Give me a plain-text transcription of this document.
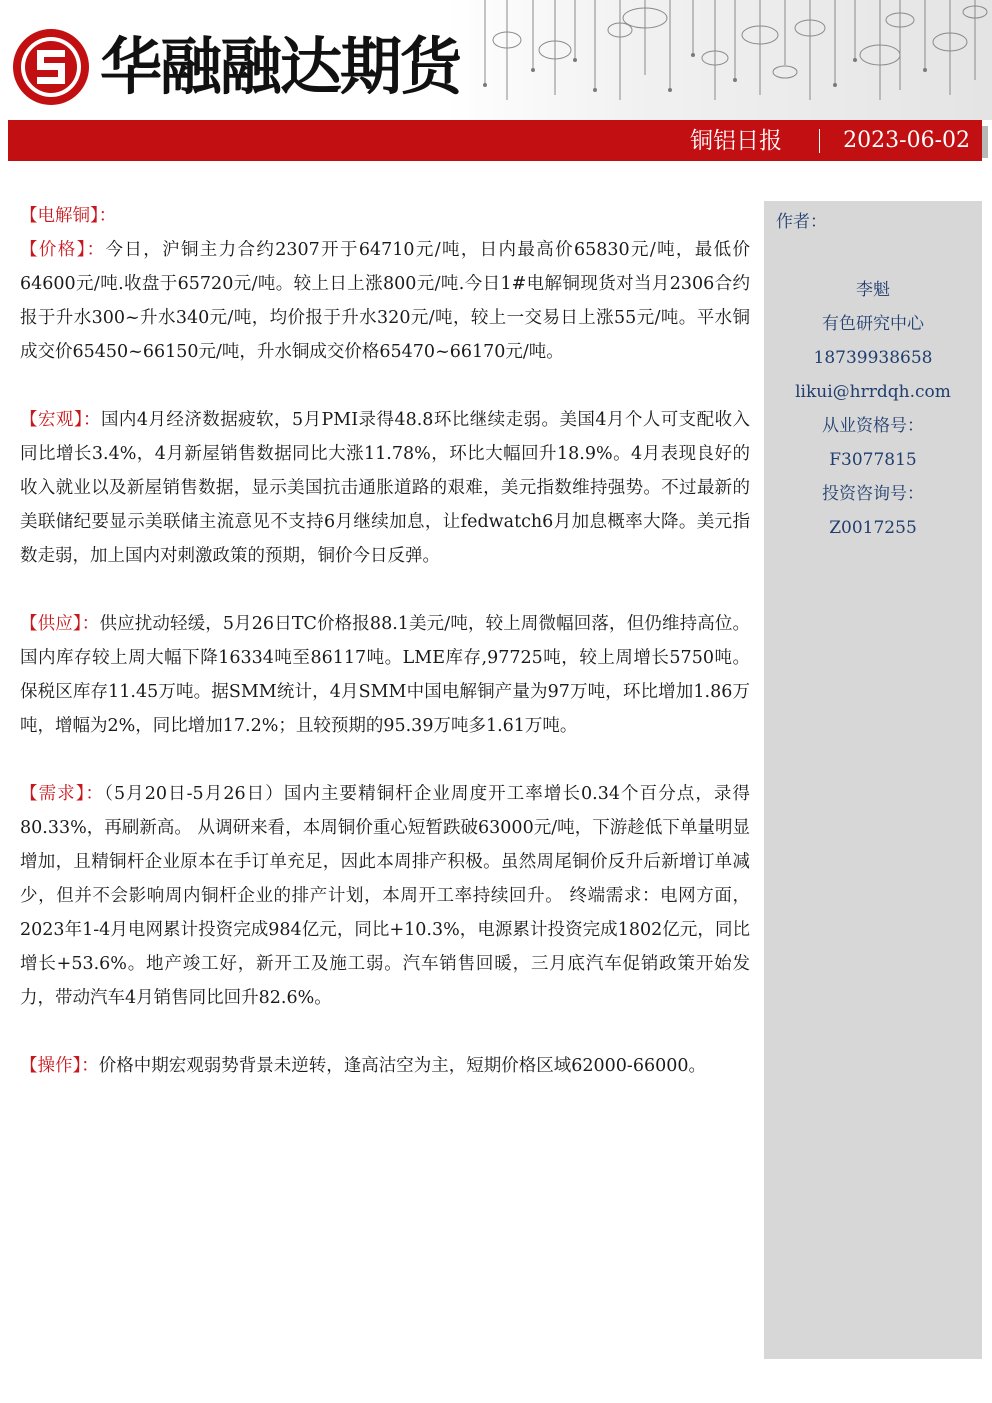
华融融达期货
铜铝日报	2023-06-02
作者：
李魁
有色研究中心
18739938658
likui@hrrdqh.com
从业资格号：
F3077815
投资咨询号：
Z0017255

【电解铜】：

【价格】：今日，沪铜主力合约2307开于64710元/吨，日内最高价65830元/吨，最低价64600元/吨.收盘于65720元/吨。较上日上涨800元/吨.今日1#电解铜现货对当月2306合约报于升水300~升水340元/吨，均价报于升水320元/吨，较上一交易日上涨55元/吨。平水铜成交价65450~66150元/吨，升水铜成交价格65470~66170元/吨。

【宏观】：国内4月经济数据疲软，5月PMI录得48.8环比继续走弱。美国4月个人可支配收入同比增长3.4%，4月新屋销售数据同比大涨11.78%，环比大幅回升18.9%。4月表现良好的收入就业以及新屋销售数据，显示美国抗击通胀道路的艰难，美元指数维持强势。不过最新的美联储纪要显示美联储主流意见不支持6月继续加息，让fedwatch6月加息概率大降。美元指数走弱，加上国内对刺激政策的预期，铜价今日反弹。

【供应】：供应扰动轻缓，5月26日TC价格报88.1美元/吨，较上周微幅回落，但仍维持高位。国内库存较上周大幅下降16334吨至86117吨。LME库存,97725吨，较上周增长5750吨。保税区库存11.45万吨。据SMM统计，4月SMM中国电解铜产量为97万吨，环比增加1.86万吨，增幅为2%，同比增加17.2%；且较预期的95.39万吨多1.61万吨。

【需求】：（5月20日-5月26日）国内主要精铜杆企业周度开工率增长0.34个百分点，录得80.33%，再刷新高。 从调研来看，本周铜价重心短暂跌破63000元/吨，下游趁低下单量明显增加，且精铜杆企业原本在手订单充足，因此本周排产积极。虽然周尾铜价反升后新增订单减少，但并不会影响周内铜杆企业的排产计划，本周开工率持续回升。 终端需求：电网方面，2023年1-4月电网累计投资完成984亿元，同比+10.3%，电源累计投资完成1802亿元，同比增长+53.6%。地产竣工好，新开工及施工弱。汽车销售回暖，三月底汽车促销政策开始发力，带动汽车4月销售同比回升82.6%。

【操作】：价格中期宏观弱势背景未逆转，逢高沽空为主，短期价格区域62000-66000。
